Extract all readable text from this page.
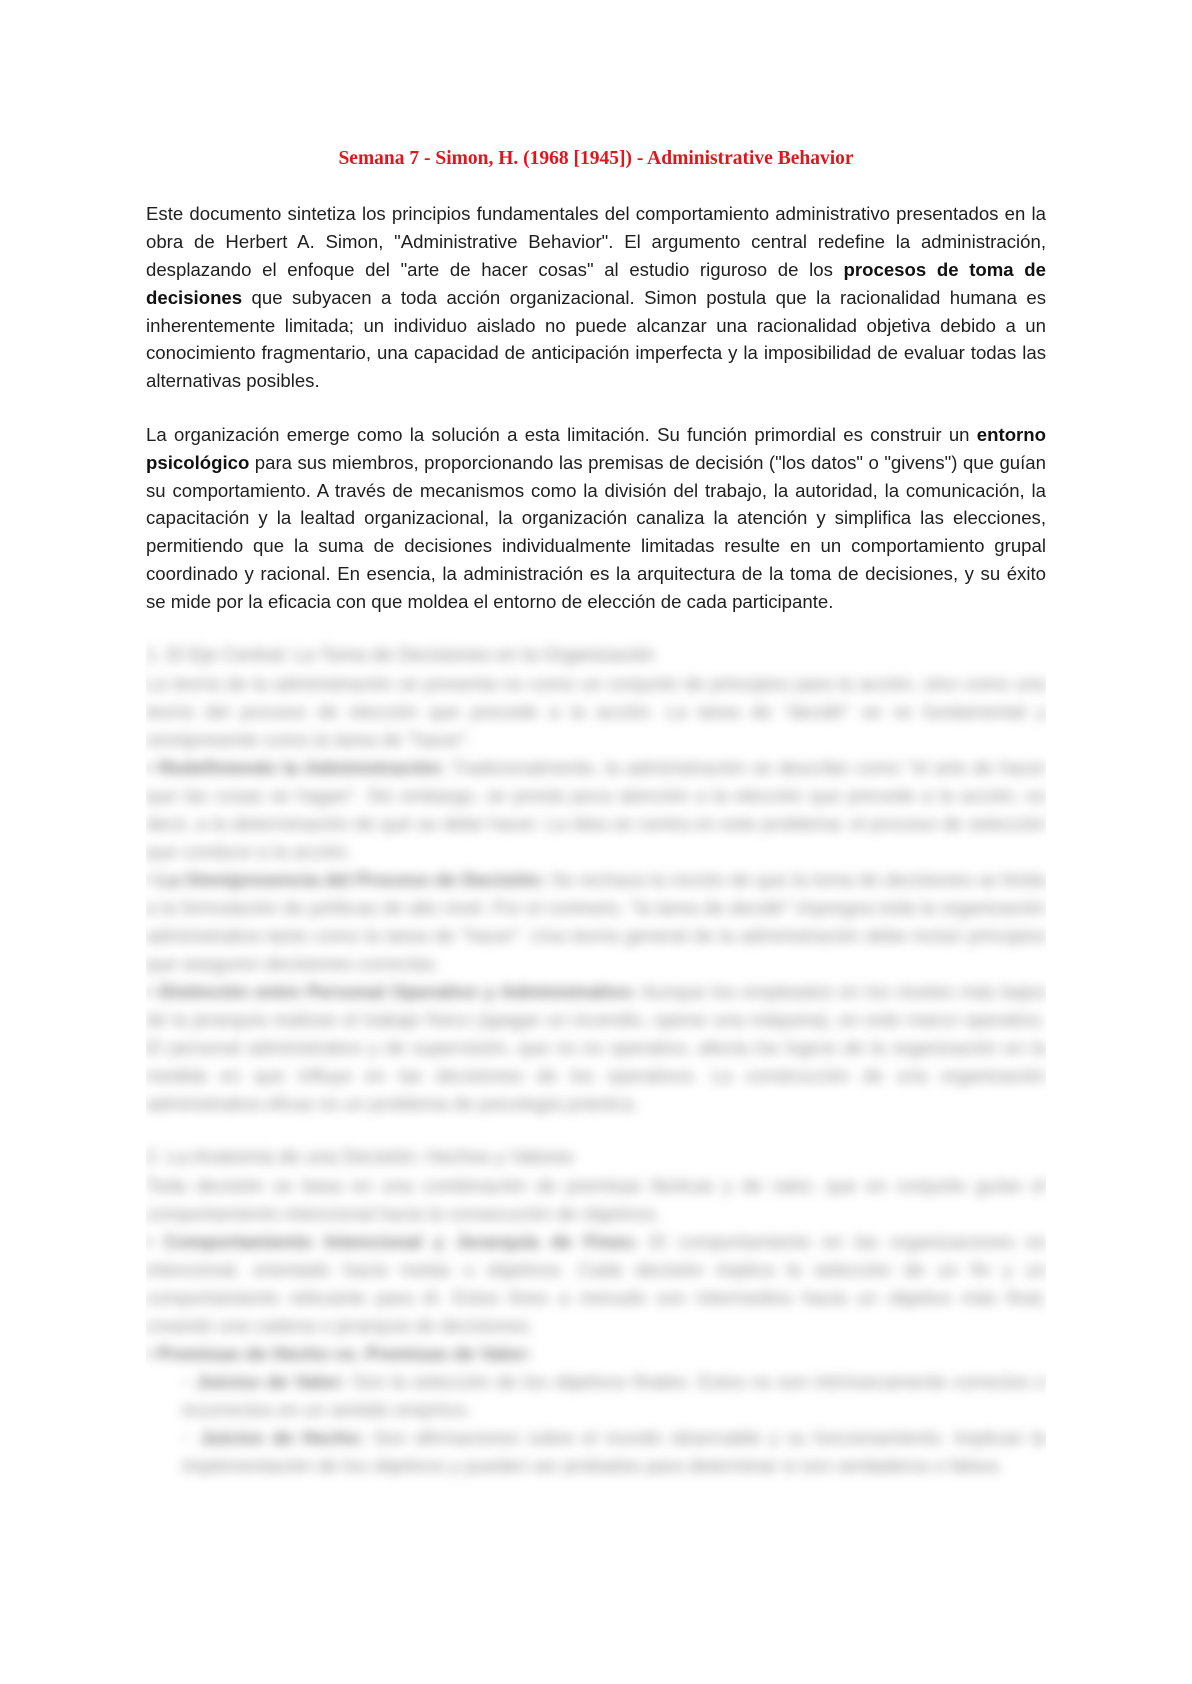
Semana 7 - Simon, H. (1968 [1945]) - Administrative Behavior

Este documento sintetiza los principios fundamentales del comportamiento administrativo presentados en la obra de Herbert A. Simon, "Administrative Behavior". El argumento central redefine la administración, desplazando el enfoque del "arte de hacer cosas" al estudio riguroso de los procesos de toma de decisiones que subyacen a toda acción organizacional. Simon postula que la racionalidad humana es inherentemente limitada; un individuo aislado no puede alcanzar una racionalidad objetiva debido a un conocimiento fragmentario, una capacidad de anticipación imperfecta y la imposibilidad de evaluar todas las alternativas posibles.

La organización emerge como la solución a esta limitación. Su función primordial es construir un entorno psicológico para sus miembros, proporcionando las premisas de decisión ("los datos" o "givens") que guían su comportamiento. A través de mecanismos como la división del trabajo, la autoridad, la comunicación, la capacitación y la lealtad organizacional, la organización canaliza la atención y simplifica las elecciones, permitiendo que la suma de decisiones individualmente limitadas resulte en un comportamiento grupal coordinado y racional. En esencia, la administración es la arquitectura de la toma de decisiones, y su éxito se mide por la eficacia con que moldea el entorno de elección de cada participante.

1. El Eje Central: La Toma de Decisiones en la Organización

La teoría de la administración se presenta no como un conjunto de principios para la acción, sino como una teoría del proceso de elección que precede a la acción. La tarea de "decidir" se ve fundamental y omnipresente como la tarea de "hacer".

• Redefiniendo la Administración: Tradicionalmente, la administración se describe como "el arte de hacer que las cosas se hagan". Sin embargo, se presta poca atención a la elección que precede a la acción, es decir, a la determinación de qué se debe hacer. La idea se centra en este problema: el proceso de selección que conduce a la acción.

• La Omnipresencia del Proceso de Decisión: Se rechaza la noción de que la toma de decisiones se limita a la formulación de políticas de alto nivel. Por el contrario, "la tarea de decidir" impregna toda la organización administrativa tanto como la tarea de "hacer". Una teoría general de la administración debe incluir principios que aseguren decisiones correctas.

• Distinción entre Personal Operativo y Administrativo: Aunque los empleados en los niveles más bajos de la jerarquía realizan el trabajo físico (apagar un incendio, operar una máquina), en este marco operativo. El personal administrativo y de supervisión, que no es operativo, afecta los logros de la organización en la medida en que influye en las decisiones de los operativos. La construcción de una organización administrativa eficaz es un problema de psicología práctica.

2. La Anatomía de una Decisión: Hechos y Valores

Toda decisión se basa en una combinación de premisas fácticas y de valor, que en conjunto guían el comportamiento intencional hacia la consecución de objetivos.

• Comportamiento Intencional y Jerarquía de Fines: El comportamiento en las organizaciones es intencional, orientado hacia metas u objetivos. Cada decisión implica la selección de un fin y un comportamiento relevante para él. Estos fines a menudo son intermedios hacia un objetivo más final, creando una cadena o jerarquía de decisiones.

• Premisas de Hecho vs. Premisas de Valor:

◦ Juicios de Valor: Son la selección de los objetivos finales. Estos no son intrínsecamente correctos o incorrectos en un sentido empírico.

◦ Juicios de Hecho: Son afirmaciones sobre el mundo observable y su funcionamiento. Implican la implementación de los objetivos y pueden ser probados para determinar si son verdaderos o falsos.
